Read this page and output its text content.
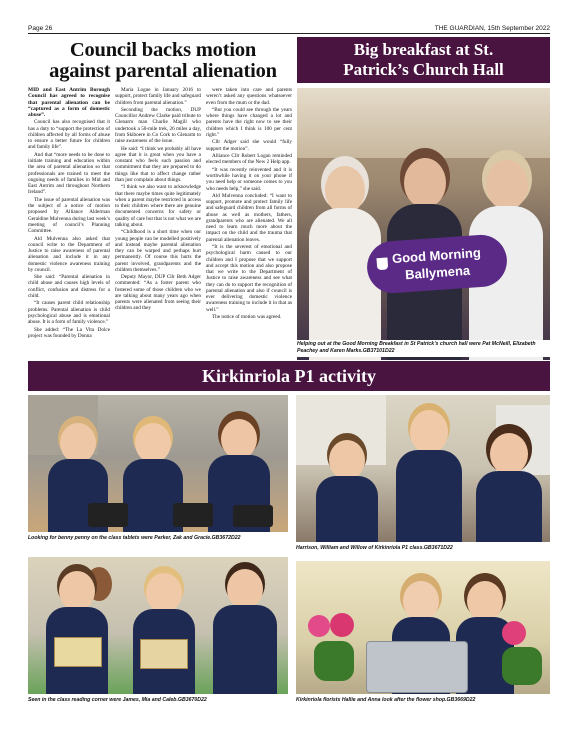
Page 26	THE GUARDIAN, 15th September 2022
Council backs motion
against parental alienation

MID and East Antrim Borough Council has agreed to recognise that parental alienation can be “captured as a form of domestic abuse”.

Council has also recognised that it has a duty to “support the protection of children affected by all forms of abuse to ensure a better future for children and family life”.

And that “more needs to be done to initiate training and education within the area of parental alienation so that professionals are trained to meet the ongoing needs of families in Mid and East Antrim and throughout Northern Ireland”.

The issue of parental alienation was the subject of a notice of motion proposed by Alliance Alderman Geraldine Mulvenna during last week’s meeting of council’s Planning Committee.

Ald Mulvenna also asked that council write to the Department of Justice to raise awareness of parental alienation and include it in any domestic violence awareness training by council.

She said: “Parental alienation in child abuse and causes high levels of conflict, confusion and distress for a child.

“It causes parent child relationship problems. Parental alienation is child psychological abuse and is emotional abuse. It is a form of family violence.”

She added: “The La Vita Dolce project was founded by Donna

Maria Logue in January 2016 to support, protect family life and safeguard children from parental alienation.”

Seconding the motion, DUP Councillor Andrew Clarke paid tribute to Glenarm man Charlie Magill who undertook a 50-mile trek, 26 miles a day, from Skiboere in Co Cork to Glenarm to raise awareness of the issue.

He said: “I think we probably all have agree that it is great when you have a constant who feels such passion and commitment that they are prepared to do things like that to affect change rather than just complain about things.

“I think we also want to acknowledge that there maybe times quite legitimately when a parent maybe restricted in access to their children where there are genuine documented concerns for safety or quality of care but that is not what we are talking about.

“Childhood is a short time when our young people can be modelled positively and instead maybe parental alienation they can be warped and perhaps hurt permanently. Of course this hurts the parent involved, grandparents and the children themselves.”

Deputy Mayor, DUP Cllr Beth Adger commented: “As a foster parent who fostered some of those children who we are talking about many years ago when parents were alienated from seeing their children and they

were taken into care and parents weren’t asked any questions whatsoever even from the mum or the dad.

“But you could see through the years where things have changed a lot and parents have the right now to see their children which I think is 100 per cent right.”

Cllr Adger said she would “fully support the motion”.

Alliance Cllr Robert Logan reminded elected members of the New 2 Help app.

“It was recently reinvented and it is worthwhile having it on your phone if you need help or someone comes to you who needs help,” she said.

Ald Mulvenna concluded: “I want to support, promote and protect family life and safeguard children from all forms of abuse as well as mothers, fathers, grandparents who are alienated. We all need to learn much more about the impact on the child and the trauma that parental alienation leaves.

“It is the severest of emotional and psychological harm caused to our children and I propose that we support and accept this motion and also propose that we write to the Department of Justice to raise awareness and see what they can do to support the recognition of parental alienation and also if council is ever delivering domestic violence awareness training to include it in that as well.”

The notice of motion was agreed.

Big breakfast at St.
Patrick’s Church Hall
Good Morning
Ballymena
Kirkinriola P1 activity
Helping out at the Good Morning Breakfast in St Patrick’s church hall were Pat McNeill, Elizabeth Peachey and Karen Marks.GB37101D22
Looking for benny penny on the class tablets were Parker, Zak and Gracie.GB3672D22
Harrison, William and Willow of Kirkinriola P1 class.GB3671D22
Seen in the class reading corner were James, Mia and Caleb.GB3670D22	Kirkinriola florists Hallie and Anna look after the flower shop.GB3669D22
